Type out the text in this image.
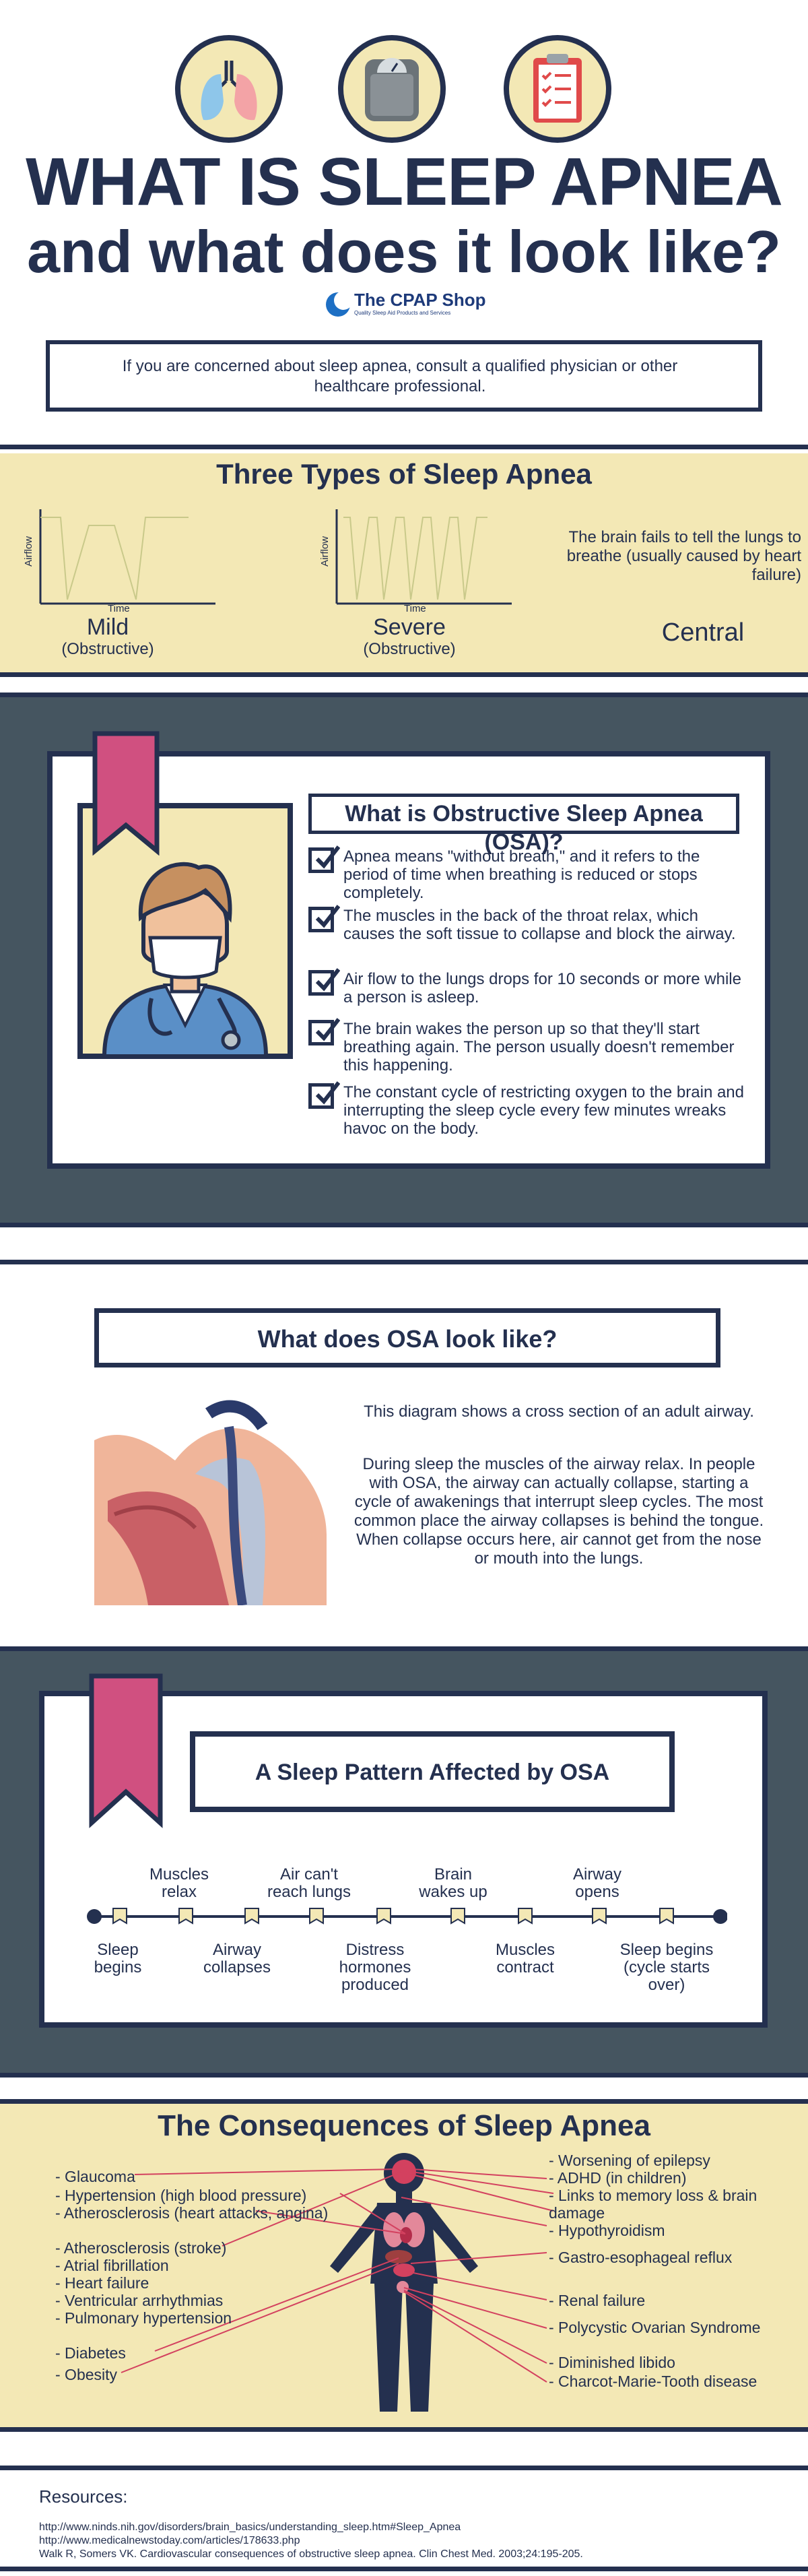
WHAT IS SLEEP APNEA
and what does it look like?
The CPAP Shop
Quality Sleep Aid Products and Services
If you are concerned about sleep apnea, consult a qualified physician or other healthcare professional.
Three Types of Sleep Apnea
Airflow
Time
Mild
(Obstructive)
Airflow
Time
Severe
(Obstructive)
The brain fails to tell the lungs to breathe (usually caused by heart failure)
Central
What is Obstructive Sleep Apnea (OSA)?
Apnea means "without breath," and it refers to the period of time when breathing is reduced or stops completely.
The muscles in the back of the throat relax, which causes the soft tissue to collapse and block the airway.
Air flow to the lungs drops for 10 seconds or more while a person is asleep.
The brain wakes the person up so that they'll start breathing again. The person usually doesn't remember this happening.
The constant cycle of restricting oxygen to the brain and interrupting the sleep cycle every few minutes wreaks havoc on the body.
What does OSA look like?
This diagram shows a cross section of an adult airway.
During sleep the muscles of the airway relax. In people with OSA, the airway can actually collapse, starting a cycle of awakenings that interrupt sleep cycles. The most common place the airway collapses is behind the tongue. When collapse occurs here, air cannot get from the nose or mouth into the lungs.
A Sleep Pattern Affected by OSA
Muscles relax
Air can't reach lungs
Brain wakes up
Airway opens
Sleep begins
Airway collapses
Distress hormones produced
Muscles contract
Sleep begins (cycle starts over)
The Consequences of Sleep Apnea
- Glaucoma
- Hypertension (high blood pressure)
- Atherosclerosis (heart attacks, angina)
- Atherosclerosis (stroke)
- Atrial fibrillation
- Heart failure
- Ventricular arrhythmias
- Pulmonary hypertension
- Diabetes
- Obesity
- Worsening of epilepsy
- ADHD (in children)
- Links to memory loss & brain damage
- Hypothyroidism
- Gastro-esophageal reflux
- Renal failure
- Polycystic Ovarian Syndrome
- Diminished libido
- Charcot-Marie-Tooth disease
Resources:
http://www.ninds.nih.gov/disorders/brain_basics/understanding_sleep.htm#Sleep_Apnea
http://www.medicalnewstoday.com/articles/178633.php
Walk R, Somers VK. Cardiovascular consequences of obstructive sleep apnea. Clin Chest Med. 2003;24:195-205.
